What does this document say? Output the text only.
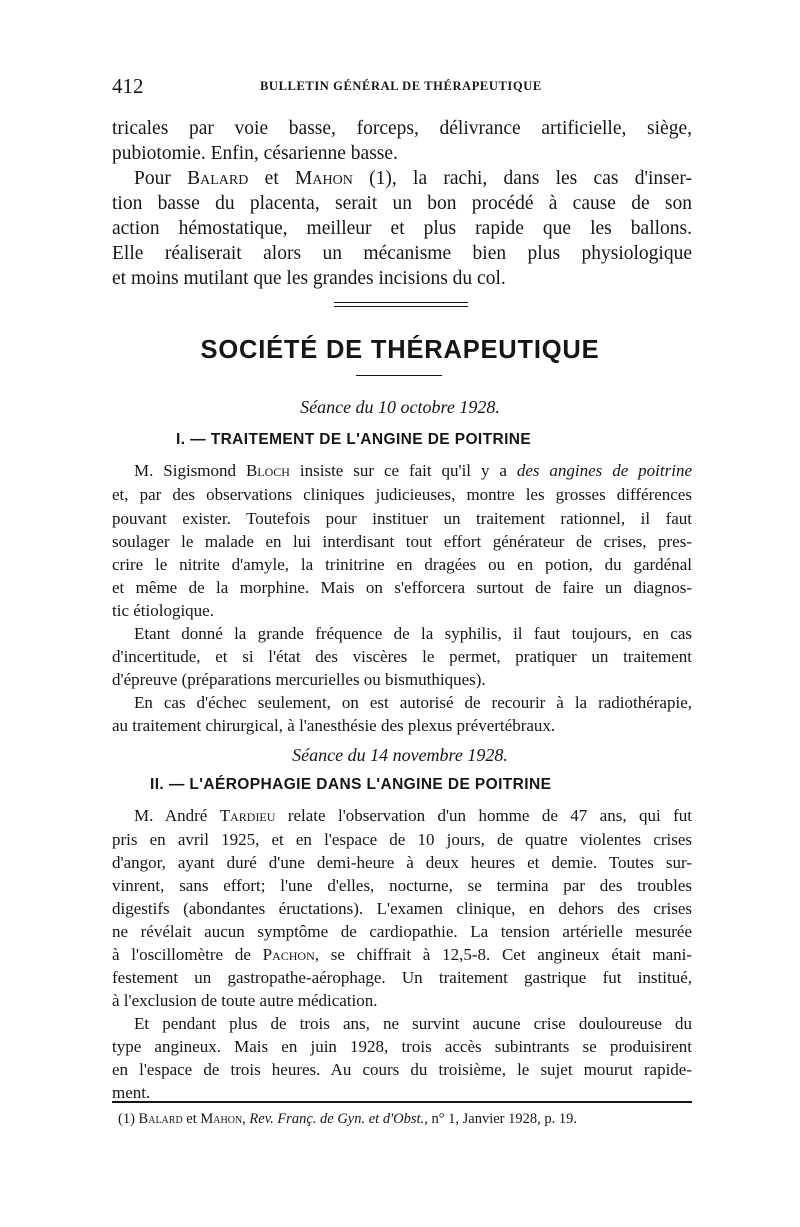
412	BULLETIN GÉNÉRAL DE THÉRAPEUTIQUE
tricales par voie basse, forceps, délivrance artificielle, siège,
pubiotomie. Enfin, césarienne basse.
Pour Balard et Mahon (1), la rachi, dans les cas d'inser-
tion basse du placenta, serait un bon procédé à cause de son
action hémostatique, meilleur et plus rapide que les ballons.
Elle réaliserait alors un mécanisme bien plus physiologique
et moins mutilant que les grandes incisions du col.
SOCIÉTÉ DE THÉRAPEUTIQUE
Séance du 10 octobre 1928.
I. — TRAITEMENT DE L'ANGINE DE POITRINE
M. Sigismond Bloch insiste sur ce fait qu'il y a des angines de poitrine
et, par des observations cliniques judicieuses, montre les grosses différences
pouvant exister. Toutefois pour instituer un traitement rationnel, il faut
soulager le malade en lui interdisant tout effort générateur de crises, pres-
crire le nitrite d'amyle, la trinitrine en dragées ou en potion, du gardénal
et même de la morphine. Mais on s'efforcera surtout de faire un diagnos-
tic étiologique.
Etant donné la grande fréquence de la syphilis, il faut toujours, en cas
d'incertitude, et si l'état des viscères le permet, pratiquer un traitement
d'épreuve (préparations mercurielles ou bismuthiques).
En cas d'échec seulement, on est autorisé de recourir à la radiothérapie,
au traitement chirurgical, à l'anesthésie des plexus prévertébraux.
Séance du 14 novembre 1928.
II. — L'AÉROPHAGIE DANS L'ANGINE DE POITRINE
M. André Tardieu relate l'observation d'un homme de 47 ans, qui fut
pris en avril 1925, et en l'espace de 10 jours, de quatre violentes crises
d'angor, ayant duré d'une demi-heure à deux heures et demie. Toutes sur-
vinrent, sans effort; l'une d'elles, nocturne, se termina par des troubles
digestifs (abondantes éructations). L'examen clinique, en dehors des crises
ne révélait aucun symptôme de cardiopathie. La tension artérielle mesurée
à l'oscillomètre de Pachon, se chiffrait à 12,5-8. Cet angineux était mani-
festement un gastropathe-aérophage. Un traitement gastrique fut institué,
à l'exclusion de toute autre médication.
Et pendant plus de trois ans, ne survint aucune crise douloureuse du
type angineux. Mais en juin 1928, trois accès subintrants se produisirent
en l'espace de trois heures. Au cours du troisième, le sujet mourut rapide-
ment.
(1) Balard et Mahon, Rev. Franç. de Gyn. et d'Obst., n° 1, Janvier 1928, p. 19.
